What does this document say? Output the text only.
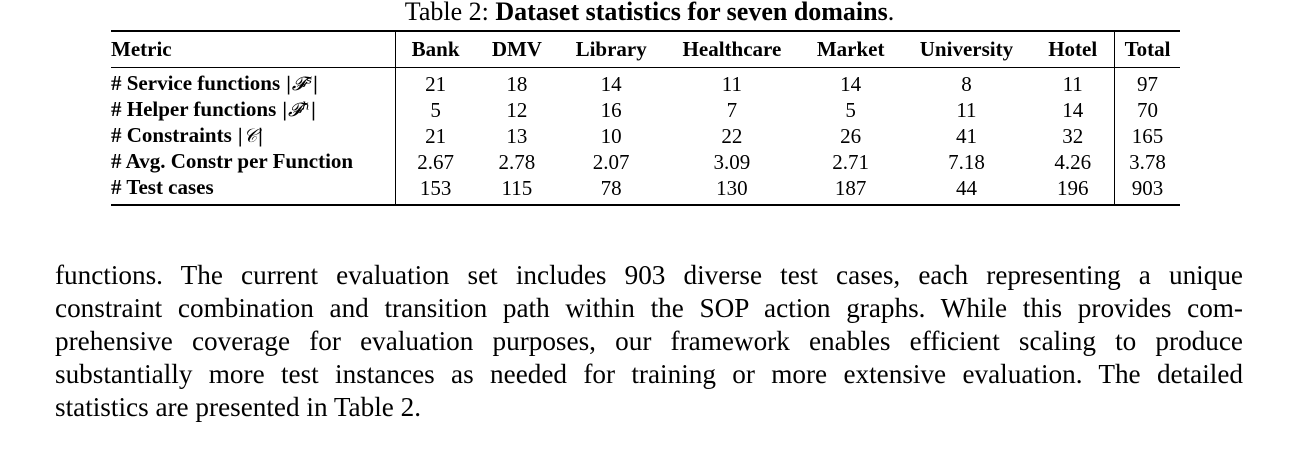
Table 2: Dataset statistics for seven domains.
Metric	Bank	DMV	Library	Healthcare	Market	University	Hotel	Total
# Service functions |𝓕ˢ|	21	18	14	11	14	8	11	97
# Helper functions |𝓕ʰ|	5	12	16	7	5	11	14	70
# Constraints |𝒞|	21	13	10	22	26	41	32	165
# Avg. Constr per Function	2.67	2.78	2.07	3.09	2.71	7.18	4.26	3.78
# Test cases	153	115	78	130	187	44	196	903
functions. The current evaluation set includes 903 diverse test cases, each representing a unique
constraint combination and transition path within the SOP action graphs. While this provides com-
prehensive coverage for evaluation purposes, our framework enables efficient scaling to produce
substantially more test instances as needed for training or more extensive evaluation. The detailed
statistics are presented in Table 2.
